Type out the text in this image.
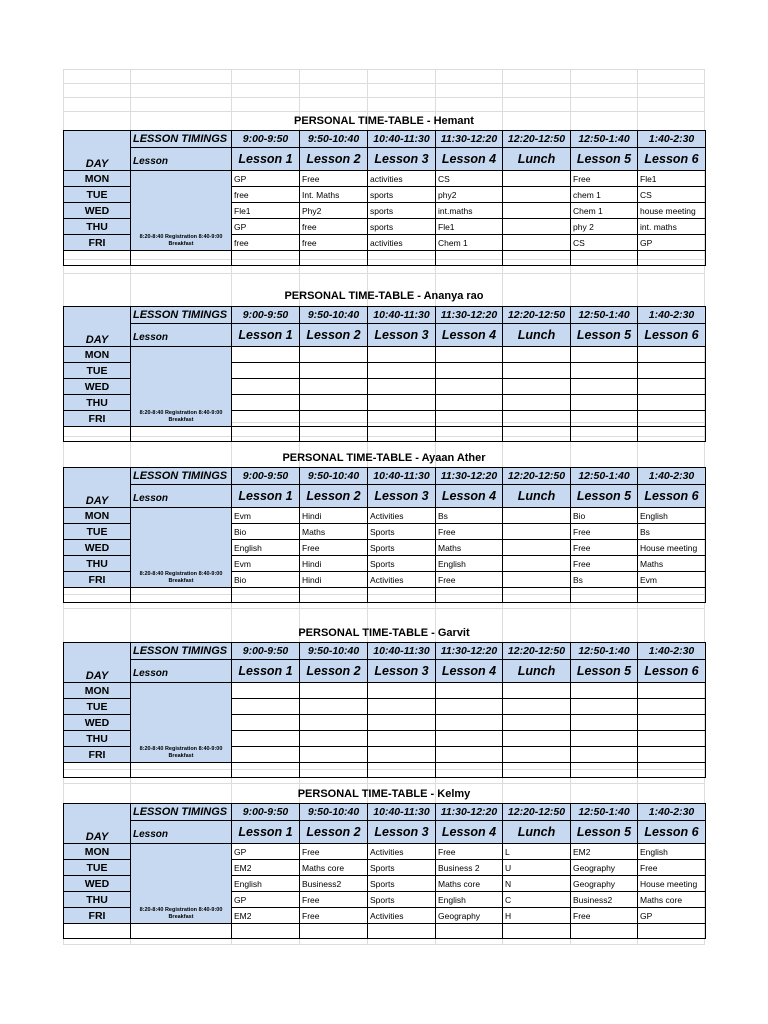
PERSONAL TIME-TABLE - Hemant
DAY	LESSON TIMINGS	9:00-9:50	9:50-10:40	10:40-11:30	11:30-12:20	12:20-12:50	12:50-1:40	1:40-2:30
	Lesson	Lesson 1	Lesson 2	Lesson 3	Lesson 4	Lunch	Lesson 5	Lesson 6
MON	8:20-8:40 Registration 8:40-9:00 Breakfast	GP	Free	activities	CS		Free	Fle1
TUE		free	Int. Maths	sports	phy2		chem 1	CS
WED		Fle1	Phy2	sports	int.maths		Chem 1	house meeting
THU		GP	free	sports	Fle1		phy 2	int. maths
FRI		free	free	activities	Chem 1		CS	GP

PERSONAL TIME-TABLE - Ananya rao
DAY	LESSON TIMINGS	9:00-9:50	9:50-10:40	10:40-11:30	11:30-12:20	12:20-12:50	12:50-1:40	1:40-2:30
	Lesson	Lesson 1	Lesson 2	Lesson 3	Lesson 4	Lunch	Lesson 5	Lesson 6
MON	8:20-8:40 Registration 8:40-9:00 Breakfast							
TUE								
WED								
THU								
FRI								

PERSONAL TIME-TABLE - Ayaan Ather
DAY	LESSON TIMINGS	9:00-9:50	9:50-10:40	10:40-11:30	11:30-12:20	12:20-12:50	12:50-1:40	1:40-2:30
	Lesson	Lesson 1	Lesson 2	Lesson 3	Lesson 4	Lunch	Lesson 5	Lesson 6
MON	8:20-8:40 Registration 8:40-9:00 Breakfast	Evm	Hindi	Activities	Bs		Bio	English
TUE		Bio	Maths	Sports	Free		Free	Bs
WED		English	Free	Sports	Maths		Free	House meeting
THU		Evm	Hindi	Sports	English		Free	Maths
FRI		Bio	Hindi	Activities	Free		Bs	Evm

PERSONAL TIME-TABLE - Garvit
DAY	LESSON TIMINGS	9:00-9:50	9:50-10:40	10:40-11:30	11:30-12:20	12:20-12:50	12:50-1:40	1:40-2:30
	Lesson	Lesson 1	Lesson 2	Lesson 3	Lesson 4	Lunch	Lesson 5	Lesson 6
MON	8:20-8:40 Registration 8:40-9:00 Breakfast							
TUE								
WED								
THU								
FRI								

PERSONAL TIME-TABLE - Kelmy
DAY	LESSON TIMINGS	9:00-9:50	9:50-10:40	10:40-11:30	11:30-12:20	12:20-12:50	12:50-1:40	1:40-2:30
	Lesson	Lesson 1	Lesson 2	Lesson 3	Lesson 4	Lunch	Lesson 5	Lesson 6
MON	8:20-8:40 Registration 8:40-9:00 Breakfast	GP	Free	Activities	Free	L	EM2	English
TUE		EM2	Maths core	Sports	Business 2	U	Geography	Free
WED		English	Business2	Sports	Maths core	N	Geography	House meeting
THU		GP	Free	Sports	English	C	Business2	Maths core
FRI		EM2	Free	Activities	Geography	H	Free	GP
